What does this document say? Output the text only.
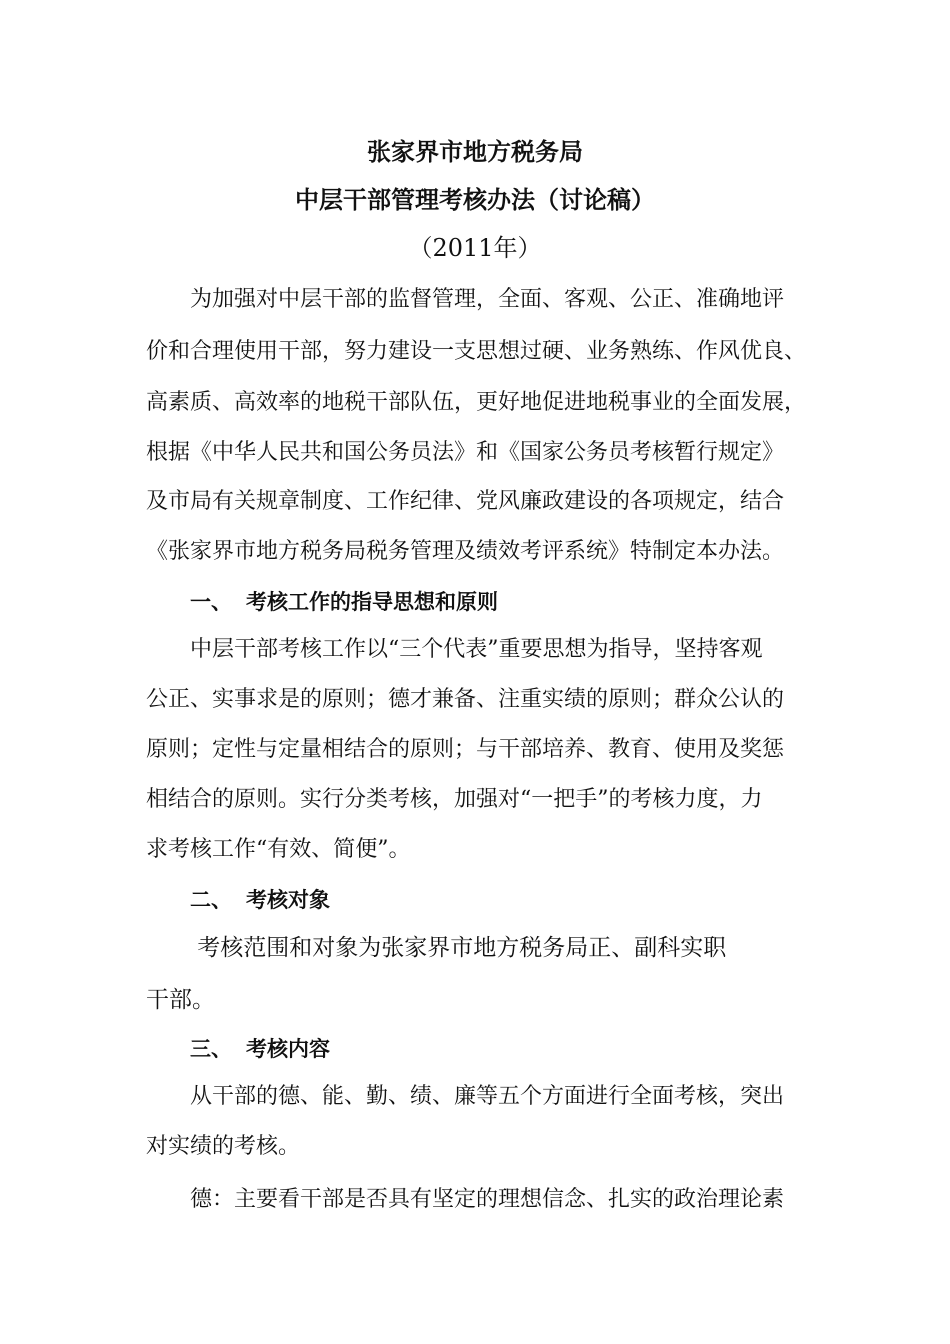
张家界市地方税务局
中层干部管理考核办法（讨论稿）
（2011年）
为加强对中层干部的监督管理，全面、客观、公正、准确地评
价和合理使用干部，努力建设一支思想过硬、业务熟练、作风优良、
高素质、高效率的地税干部队伍，更好地促进地税事业的全面发展，
根据《中华人民共和国公务员法》和《国家公务员考核暂行规定》
及市局有关规章制度、工作纪律、党风廉政建设的各项规定，结合
《张家界市地方税务局税务管理及绩效考评系统》特制定本办法。
一、 考核工作的指导思想和原则
中层干部考核工作以“三个代表”重要思想为指导，坚持客观
公正、实事求是的原则；德才兼备、注重实绩的原则；群众公认的
原则；定性与定量相结合的原则；与干部培养、教育、使用及奖惩
相结合的原则。实行分类考核，加强对“一把手”的考核力度，力
求考核工作“有效、简便”。
二、 考核对象
考核范围和对象为张家界市地方税务局正、副科实职
干部。
三、 考核内容
从干部的德、能、勤、绩、廉等五个方面进行全面考核，突出
对实绩的考核。
德：主要看干部是否具有坚定的理想信念、扎实的政治理论素
